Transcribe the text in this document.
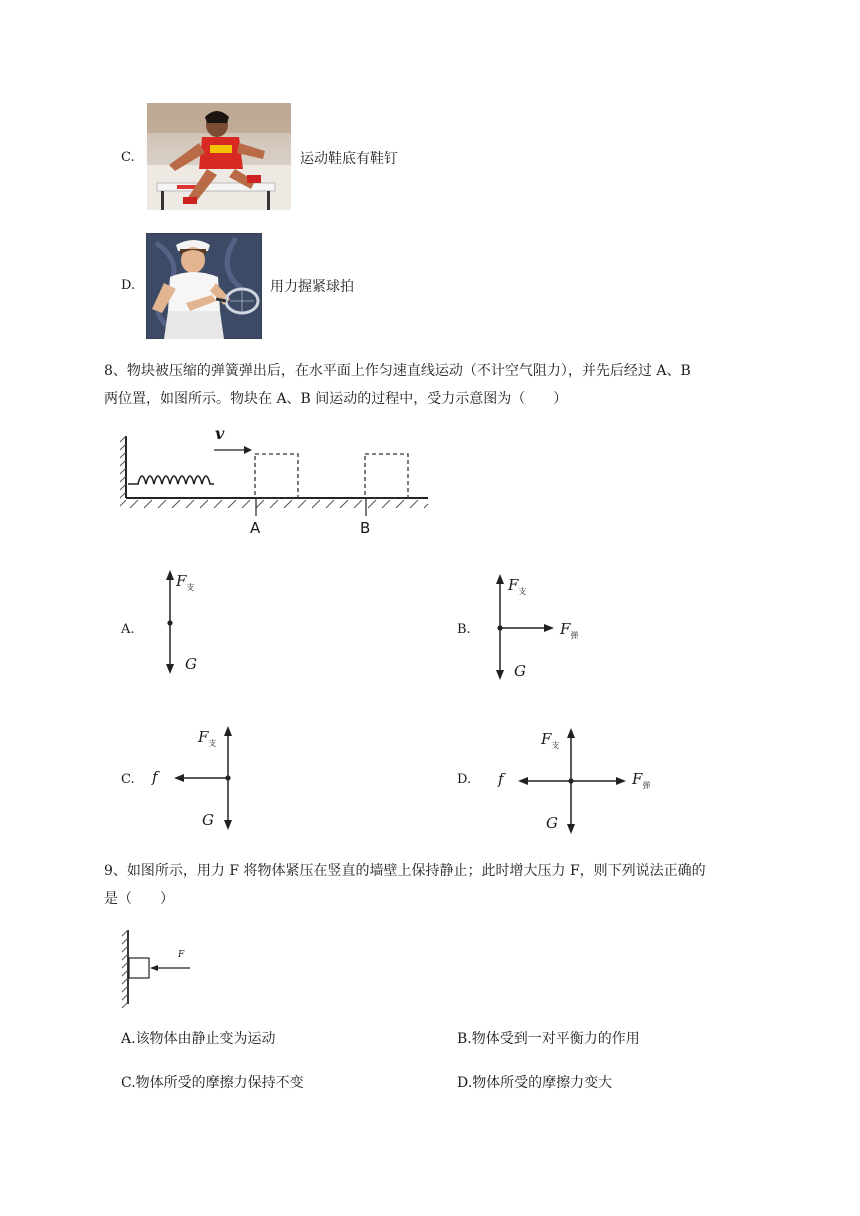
C.	运动鞋底有鞋钉
D.	用力握紧球拍
8、物块被压缩的弹簧弹出后，在水平面上作匀速直线运动（不计空气阻力），并先后经过 A、B
两位置，如图所示。物块在 A、B 间运动的过程中，受力示意图为（　　）
v
A	B
A.
$F_支$
G
B.
$F_支$
$F_弹$
G
C.
$F_支$
f
G
D.
$F_支$
f	$F_弹$
G
9、如图所示，用力 F 将物体紧压在竖直的墙壁上保持静止；此时增大压力 F，则下列说法正确的
是（　　）
F
A.该物体由静止变为运动	B.物体受到一对平衡力的作用
C.物体所受的摩擦力保持不变	D.物体所受的摩擦力变大
